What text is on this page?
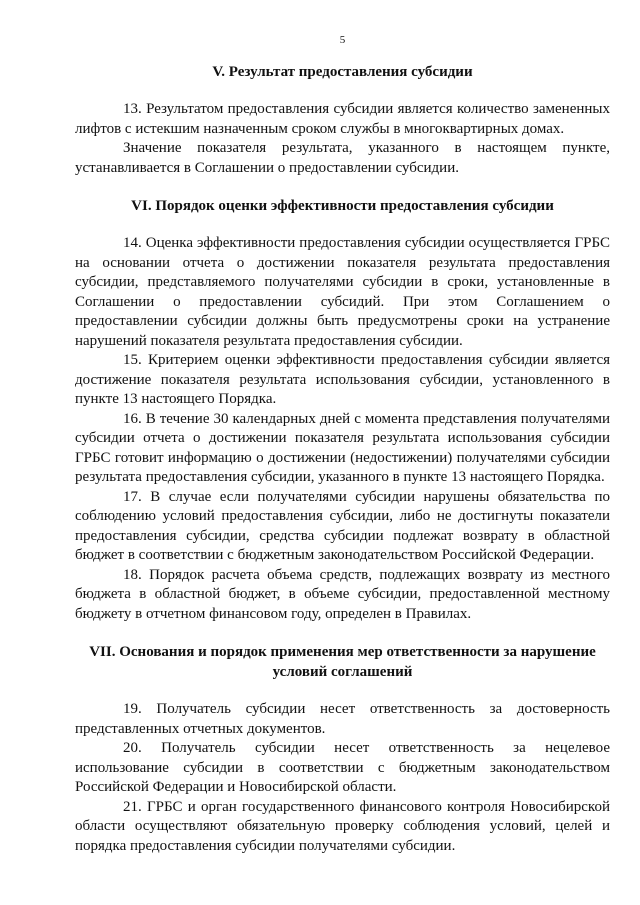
5
V. Результат предоставления субсидии

13. Результатом предоставления субсидии является количество замененных лифтов с истекшим назначенным сроком службы в многоквартирных домах.

Значение показателя результата, указанного в настоящем пункте, устанавливается в Соглашении о предоставлении субсидии.

VI. Порядок оценки эффективности предоставления субсидии

14. Оценка эффективности предоставления субсидии осуществляется ГРБС на основании отчета о достижении показателя результата предоставления субсидии, представляемого получателями субсидии в сроки, установленные в Соглашении о предоставлении субсидий. При этом Соглашением о предоставлении субсидии должны быть предусмотрены сроки на устранение нарушений показателя результата предоставления субсидии.

15. Критерием оценки эффективности предоставления субсидии является достижение показателя результата использования субсидии, установленного в пункте 13 настоящего Порядка.

16. В течение 30 календарных дней с момента представления получателями субсидии отчета о достижении показателя результата использования субсидии ГРБС готовит информацию о достижении (недостижении) получателями субсидии результата предоставления субсидии, указанного в пункте 13 настоящего Порядка.

17. В случае если получателями субсидии нарушены обязательства по соблюдению условий предоставления субсидии, либо не достигнуты показатели предоставления субсидии, средства субсидии подлежат возврату в областной бюджет в соответствии с бюджетным законодательством Российской Федерации.

18. Порядок расчета объема средств, подлежащих возврату из местного бюджета в областной бюджет, в объеме субсидии, предоставленной местному бюджету в отчетном финансовом году, определен в Правилах.

VII. Основания и порядок применения мер ответственности за нарушение
условий соглашений

19. Получатель субсидии несет ответственность за достоверность представленных отчетных документов.

20. Получатель субсидии несет ответственность за нецелевое использование субсидии в соответствии с бюджетным законодательством Российской Федерации и Новосибирской области.

21. ГРБС и орган государственного финансового контроля Новосибирской области осуществляют обязательную проверку соблюдения условий, целей и порядка предоставления субсидии получателями субсидии.
